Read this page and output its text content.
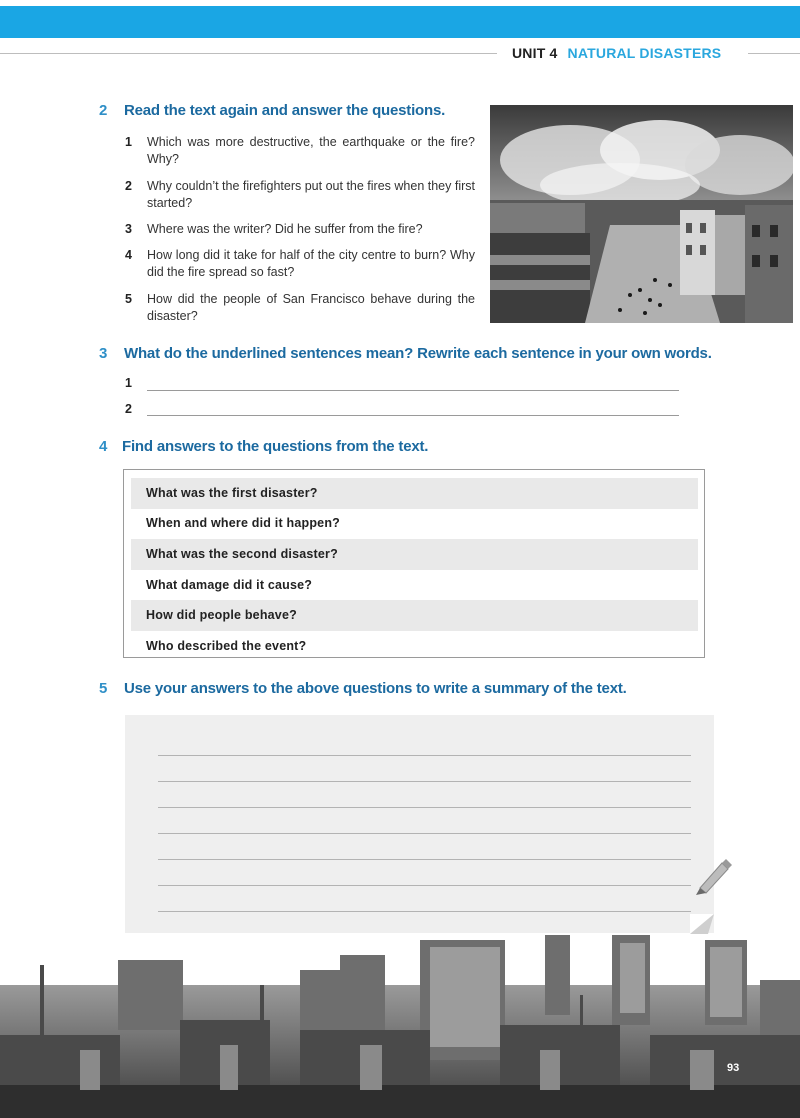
UNIT 4 NATURAL DISASTERS
2 Read the text again and answer the questions.
1 Which was more destructive, the earthquake or the fire? Why?
2 Why couldn’t the firefighters put out the fires when they first started?
3 Where was the writer? Did he suffer from the fire?
4 How long did it take for half of the city centre to burn? Why did the fire spread so fast?
5 How did the people of San Francisco behave during the disaster?
3 What do the underlined sentences mean? Rewrite each sentence in your own words.
1
2
4 Find answers to the questions from the text.
What was the first disaster?
When and where did it happen?
What was the second disaster?
What damage did it cause?
How did people behave?
Who described the event?
5 Use your answers to the above questions to write a summary of the text.
93
